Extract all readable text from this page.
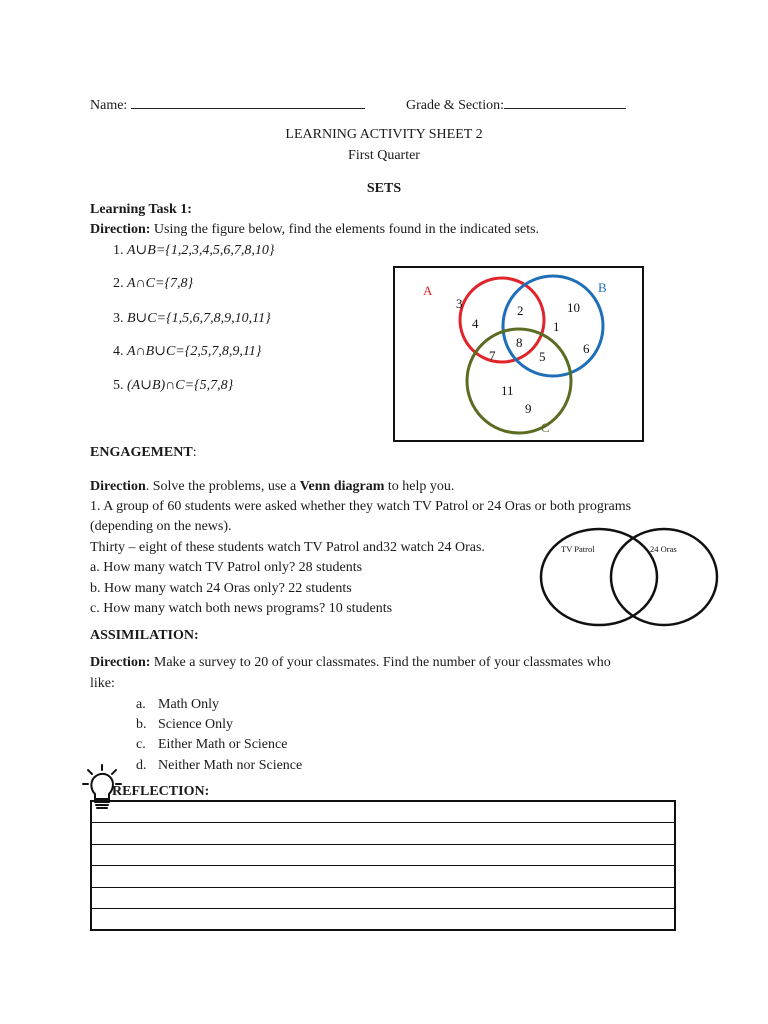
Name:	Grade & Section:
LEARNING ACTIVITY SHEET 2
First Quarter
SETS
Learning Task 1:
Direction: Using the figure below, find the elements found in the indicated sets.
1. A∪B={1,2,3,4,5,6,7,8,10}
2. A∩C={7,8}
3. B∪C={1,5,6,7,8,9,10,11}
4. A∩B∪C={2,5,7,8,9,11}
5. (A∪B)∩C={5,7,8}
A	B
C
3
4
2	10
1
8
7	5
6
11
9
ENGAGEMENT:
Direction. Solve the problems, use a Venn diagram to help you.
1. A group of 60 students were asked whether they watch TV Patrol or 24 Oras or both programs
(depending on the news).
Thirty – eight of these students watch TV Patrol and32 watch 24 Oras.
a. How many watch TV Patrol only? 28 students
b. How many watch 24 Oras only? 22 students
c. How many watch both news programs? 10 students
TV Patrol	24 Oras
ASSIMILATION:
Direction: Make a survey to 20 of your classmates. Find the number of your classmates who
like:
a. Math Only
b. Science Only
c. Either Math or Science
d. Neither Math nor Science
REFLECTION:
